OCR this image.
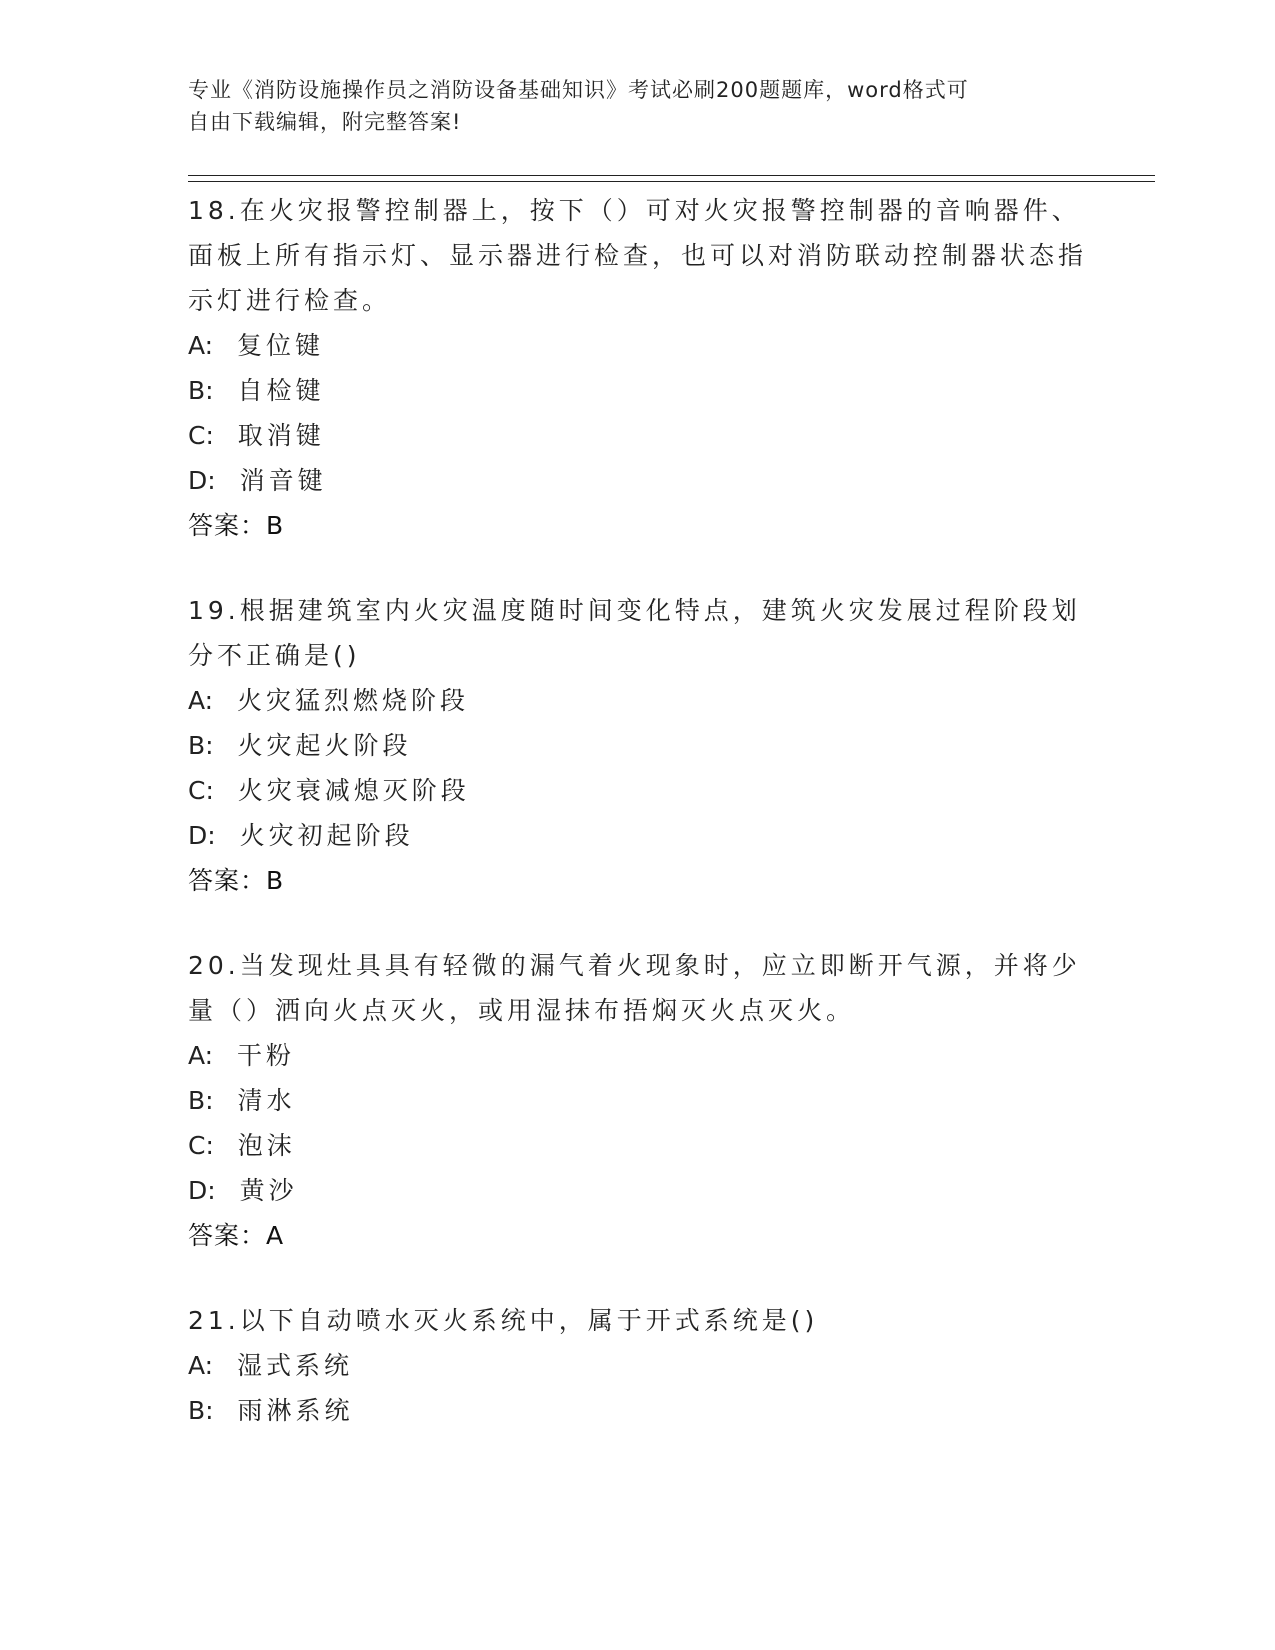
专业《消防设施操作员之消防设备基础知识》考试必刷200题题库，word格式可
自由下载编辑，附完整答案!
18.在火灾报警控制器上，按下（）可对火灾报警控制器的音响器件、面板上所有指示灯、显示器进行检查，也可以对消防联动控制器状态指示灯进行检查。
A: 复位键
B: 自检键
C: 取消键
D: 消音键
答案：B
19.根据建筑室内火灾温度随时间变化特点，建筑火灾发展过程阶段划分不正确是()
A: 火灾猛烈燃烧阶段
B: 火灾起火阶段
C: 火灾衰减熄灭阶段
D: 火灾初起阶段
答案：B
20.当发现灶具具有轻微的漏气着火现象时，应立即断开气源，并将少量（）洒向火点灭火，或用湿抹布捂焖灭火点灭火。
A: 干粉
B: 清水
C: 泡沫
D: 黄沙
答案：A
21.以下自动喷水灭火系统中，属于开式系统是()
A: 湿式系统
B: 雨淋系统
